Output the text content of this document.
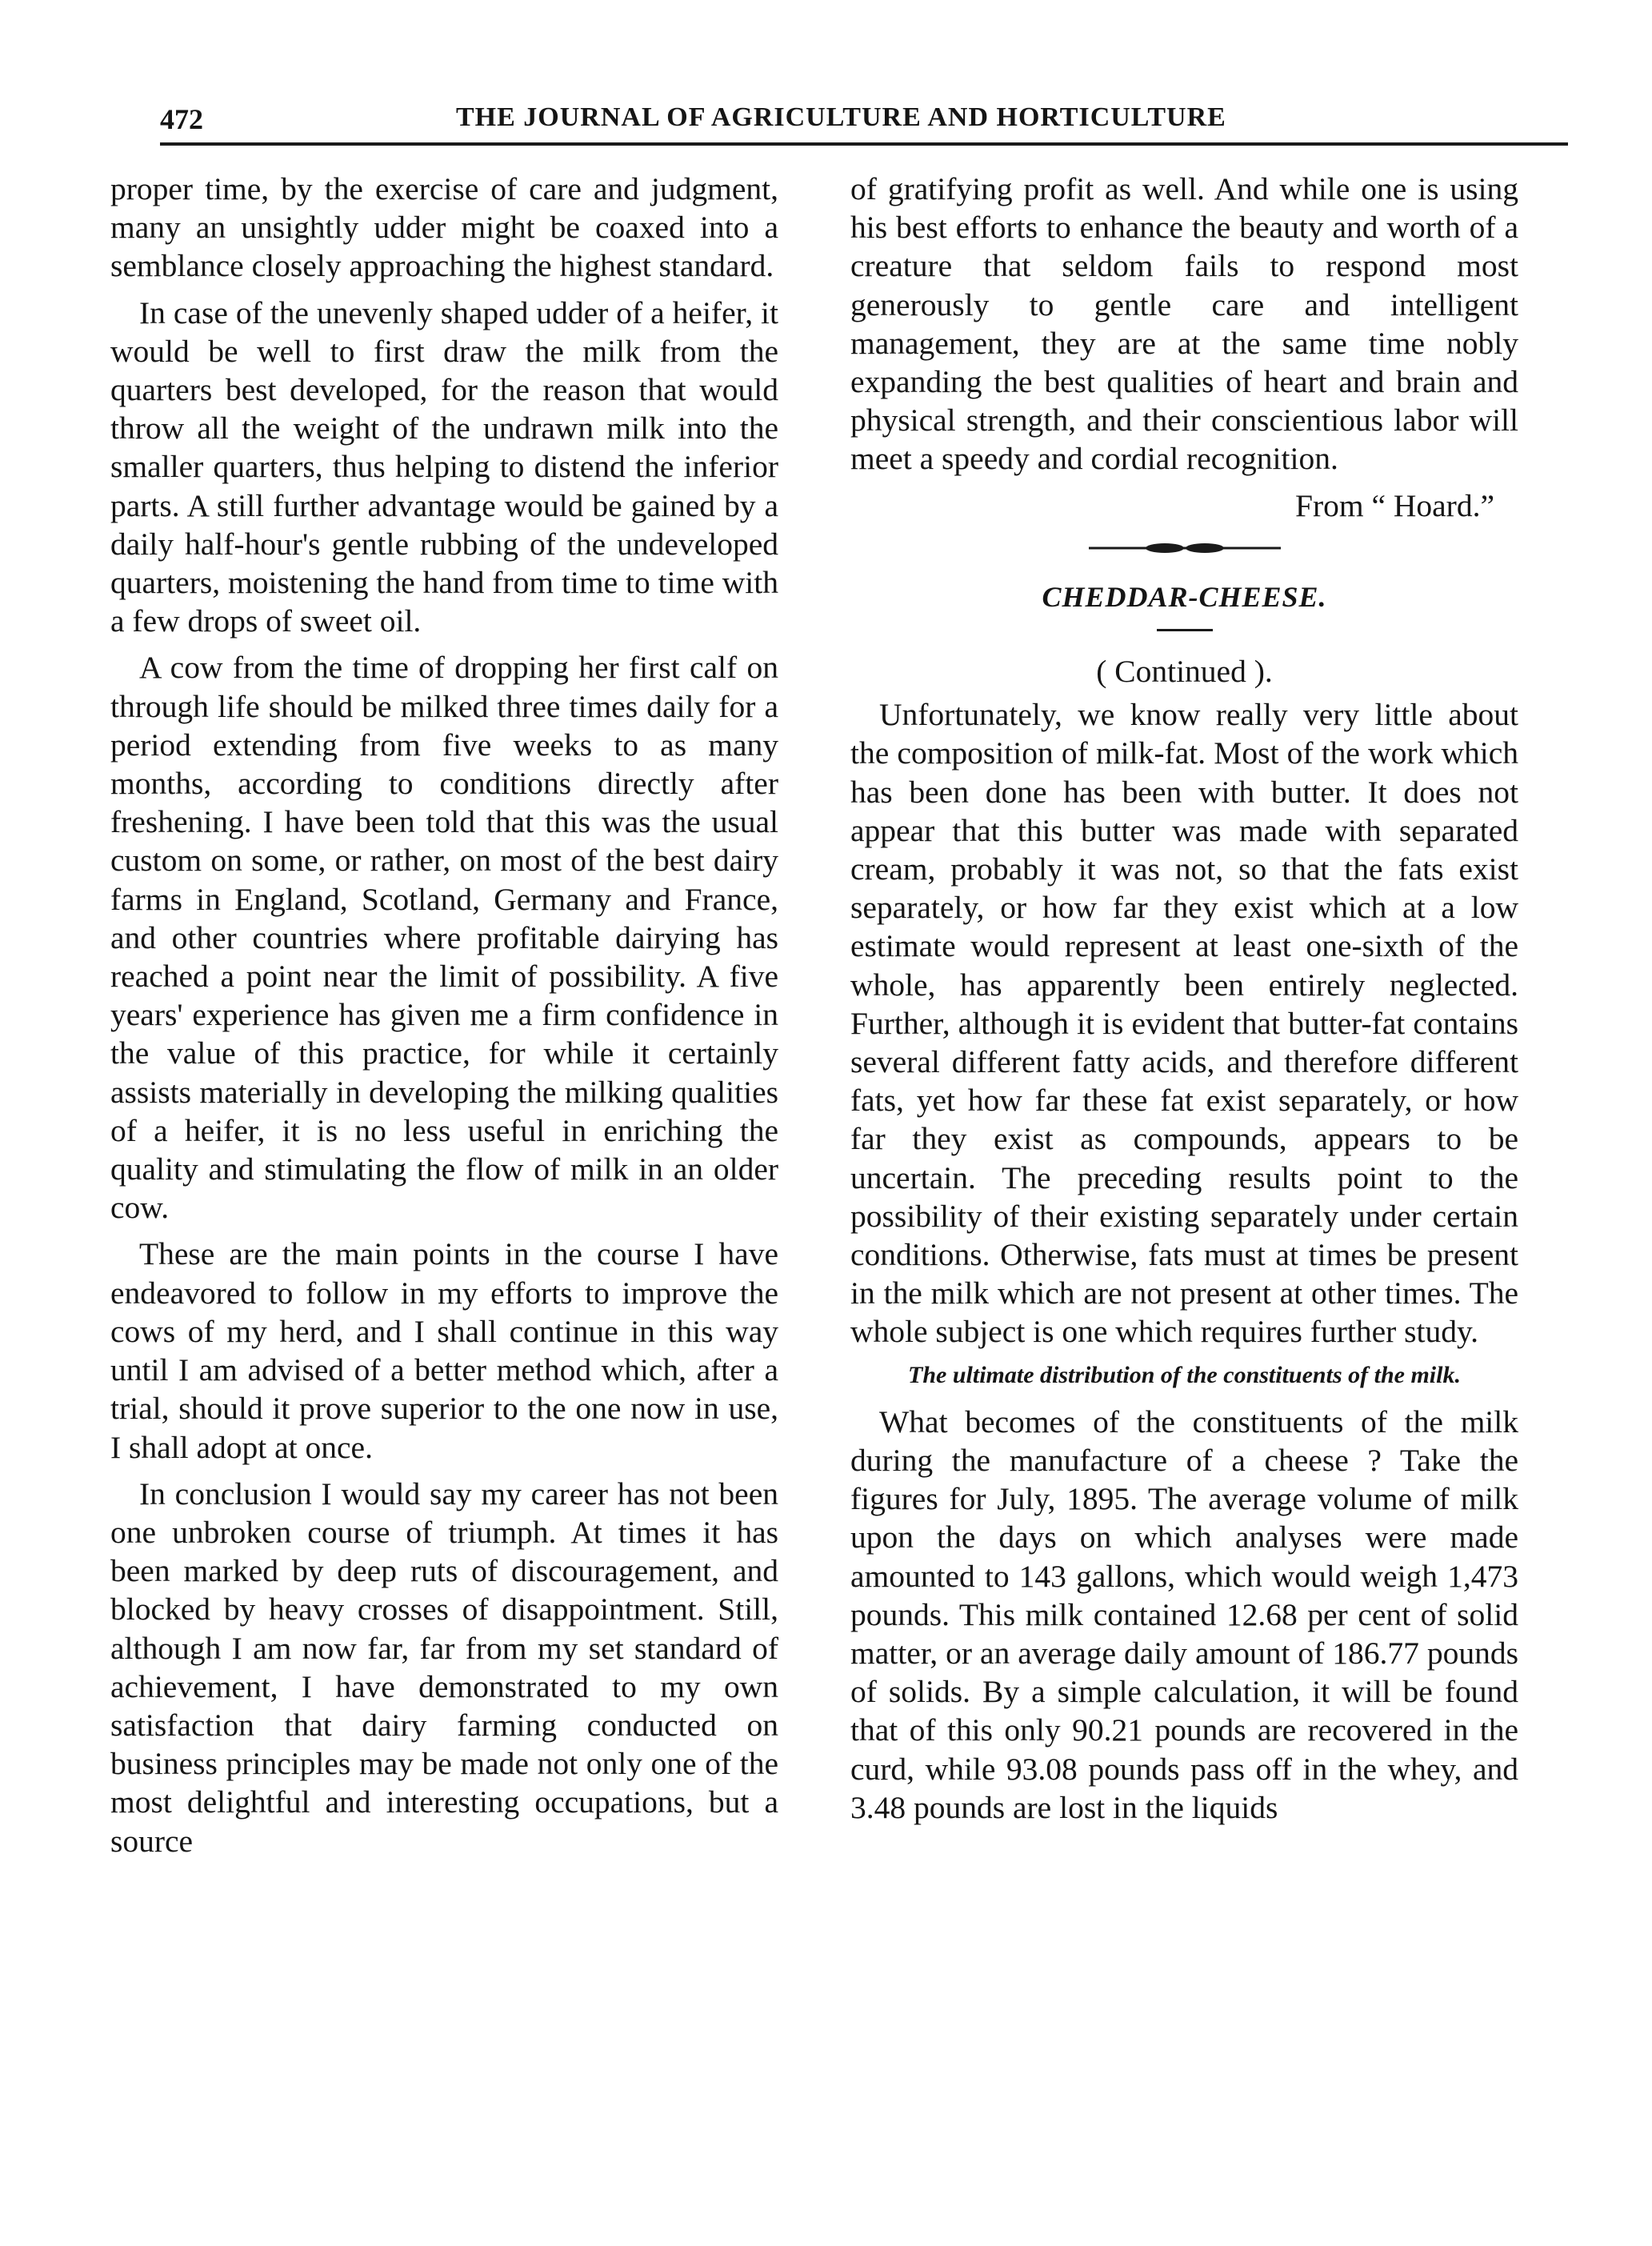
472	THE JOURNAL OF AGRICULTURE AND HORTICULTURE

proper time, by the exercise of care and judgment, many an unsightly udder might be coaxed into a semblance closely approaching the highest standard.

In case of the unevenly shaped udder of a heifer, it would be well to first draw the milk from the quarters best developed, for the reason that would throw all the weight of the undrawn milk into the smaller quarters, thus helping to distend the inferior parts. A still further advantage would be gained by a daily half-hour's gentle rubbing of the undeveloped quarters, moistening the hand from time to time with a few drops of sweet oil.

A cow from the time of dropping her first calf on through life should be milked three times daily for a period extending from five weeks to as many months, according to conditions directly after freshening. I have been told that this was the usual custom on some, or rather, on most of the best dairy farms in England, Scotland, Germany and France, and other countries where profitable dairying has reached a point near the limit of possibility. A five years' experience has given me a firm confidence in the value of this practice, for while it certainly assists materially in developing the milking qualities of a heifer, it is no less useful in enriching the quality and stimulating the flow of milk in an older cow.

These are the main points in the course I have endeavored to follow in my efforts to improve the cows of my herd, and I shall continue in this way until I am advised of a better method which, after a trial, should it prove superior to the one now in use, I shall adopt at once.

In conclusion I would say my career has not been one unbroken course of triumph. At times it has been marked by deep ruts of discouragement, and blocked by heavy crosses of disappointment. Still, although I am now far, far from my set standard of achievement, I have demonstrated to my own satisfaction that dairy farming conducted on business principles may be made not only one of the most delightful and interesting occupations, but a source

of gratifying profit as well. And while one is using his best efforts to enhance the beauty and worth of a creature that seldom fails to respond most generously to gentle care and intelligent management, they are at the same time nobly expanding the best qualities of heart and brain and physical strength, and their conscientious labor will meet a speedy and cordial recognition.

From “ Hoard.”

CHEDDAR-CHEESE.

( Continued ).

Unfortunately, we know really very little about the composition of milk-fat. Most of the work which has been done has been with butter. It does not appear that this butter was made with separated cream, probably it was not, so that the fats exist separately, or how far they exist which at a low estimate would represent at least one-sixth of the whole, has apparently been entirely neglected. Further, although it is evident that butter-fat contains several different fatty acids, and therefore different fats, yet how far these fat exist separately, or how far they exist as compounds, appears to be uncertain. The preceding results point to the possibility of their existing separately under certain conditions. Otherwise, fats must at times be present in the milk which are not present at other times. The whole subject is one which requires further study.

The ultimate distribution of the constituents of the milk.

What becomes of the constituents of the milk during the manufacture of a cheese ? Take the figures for July, 1895. The average volume of milk upon the days on which analyses were made amounted to 143 gallons, which would weigh 1,473 pounds. This milk contained 12.68 per cent of solid matter, or an average daily amount of 186.77 pounds of solids. By a simple calculation, it will be found that of this only 90.21 pounds are recovered in the curd, while 93.08 pounds pass off in the whey, and 3.48 pounds are lost in the liquids
